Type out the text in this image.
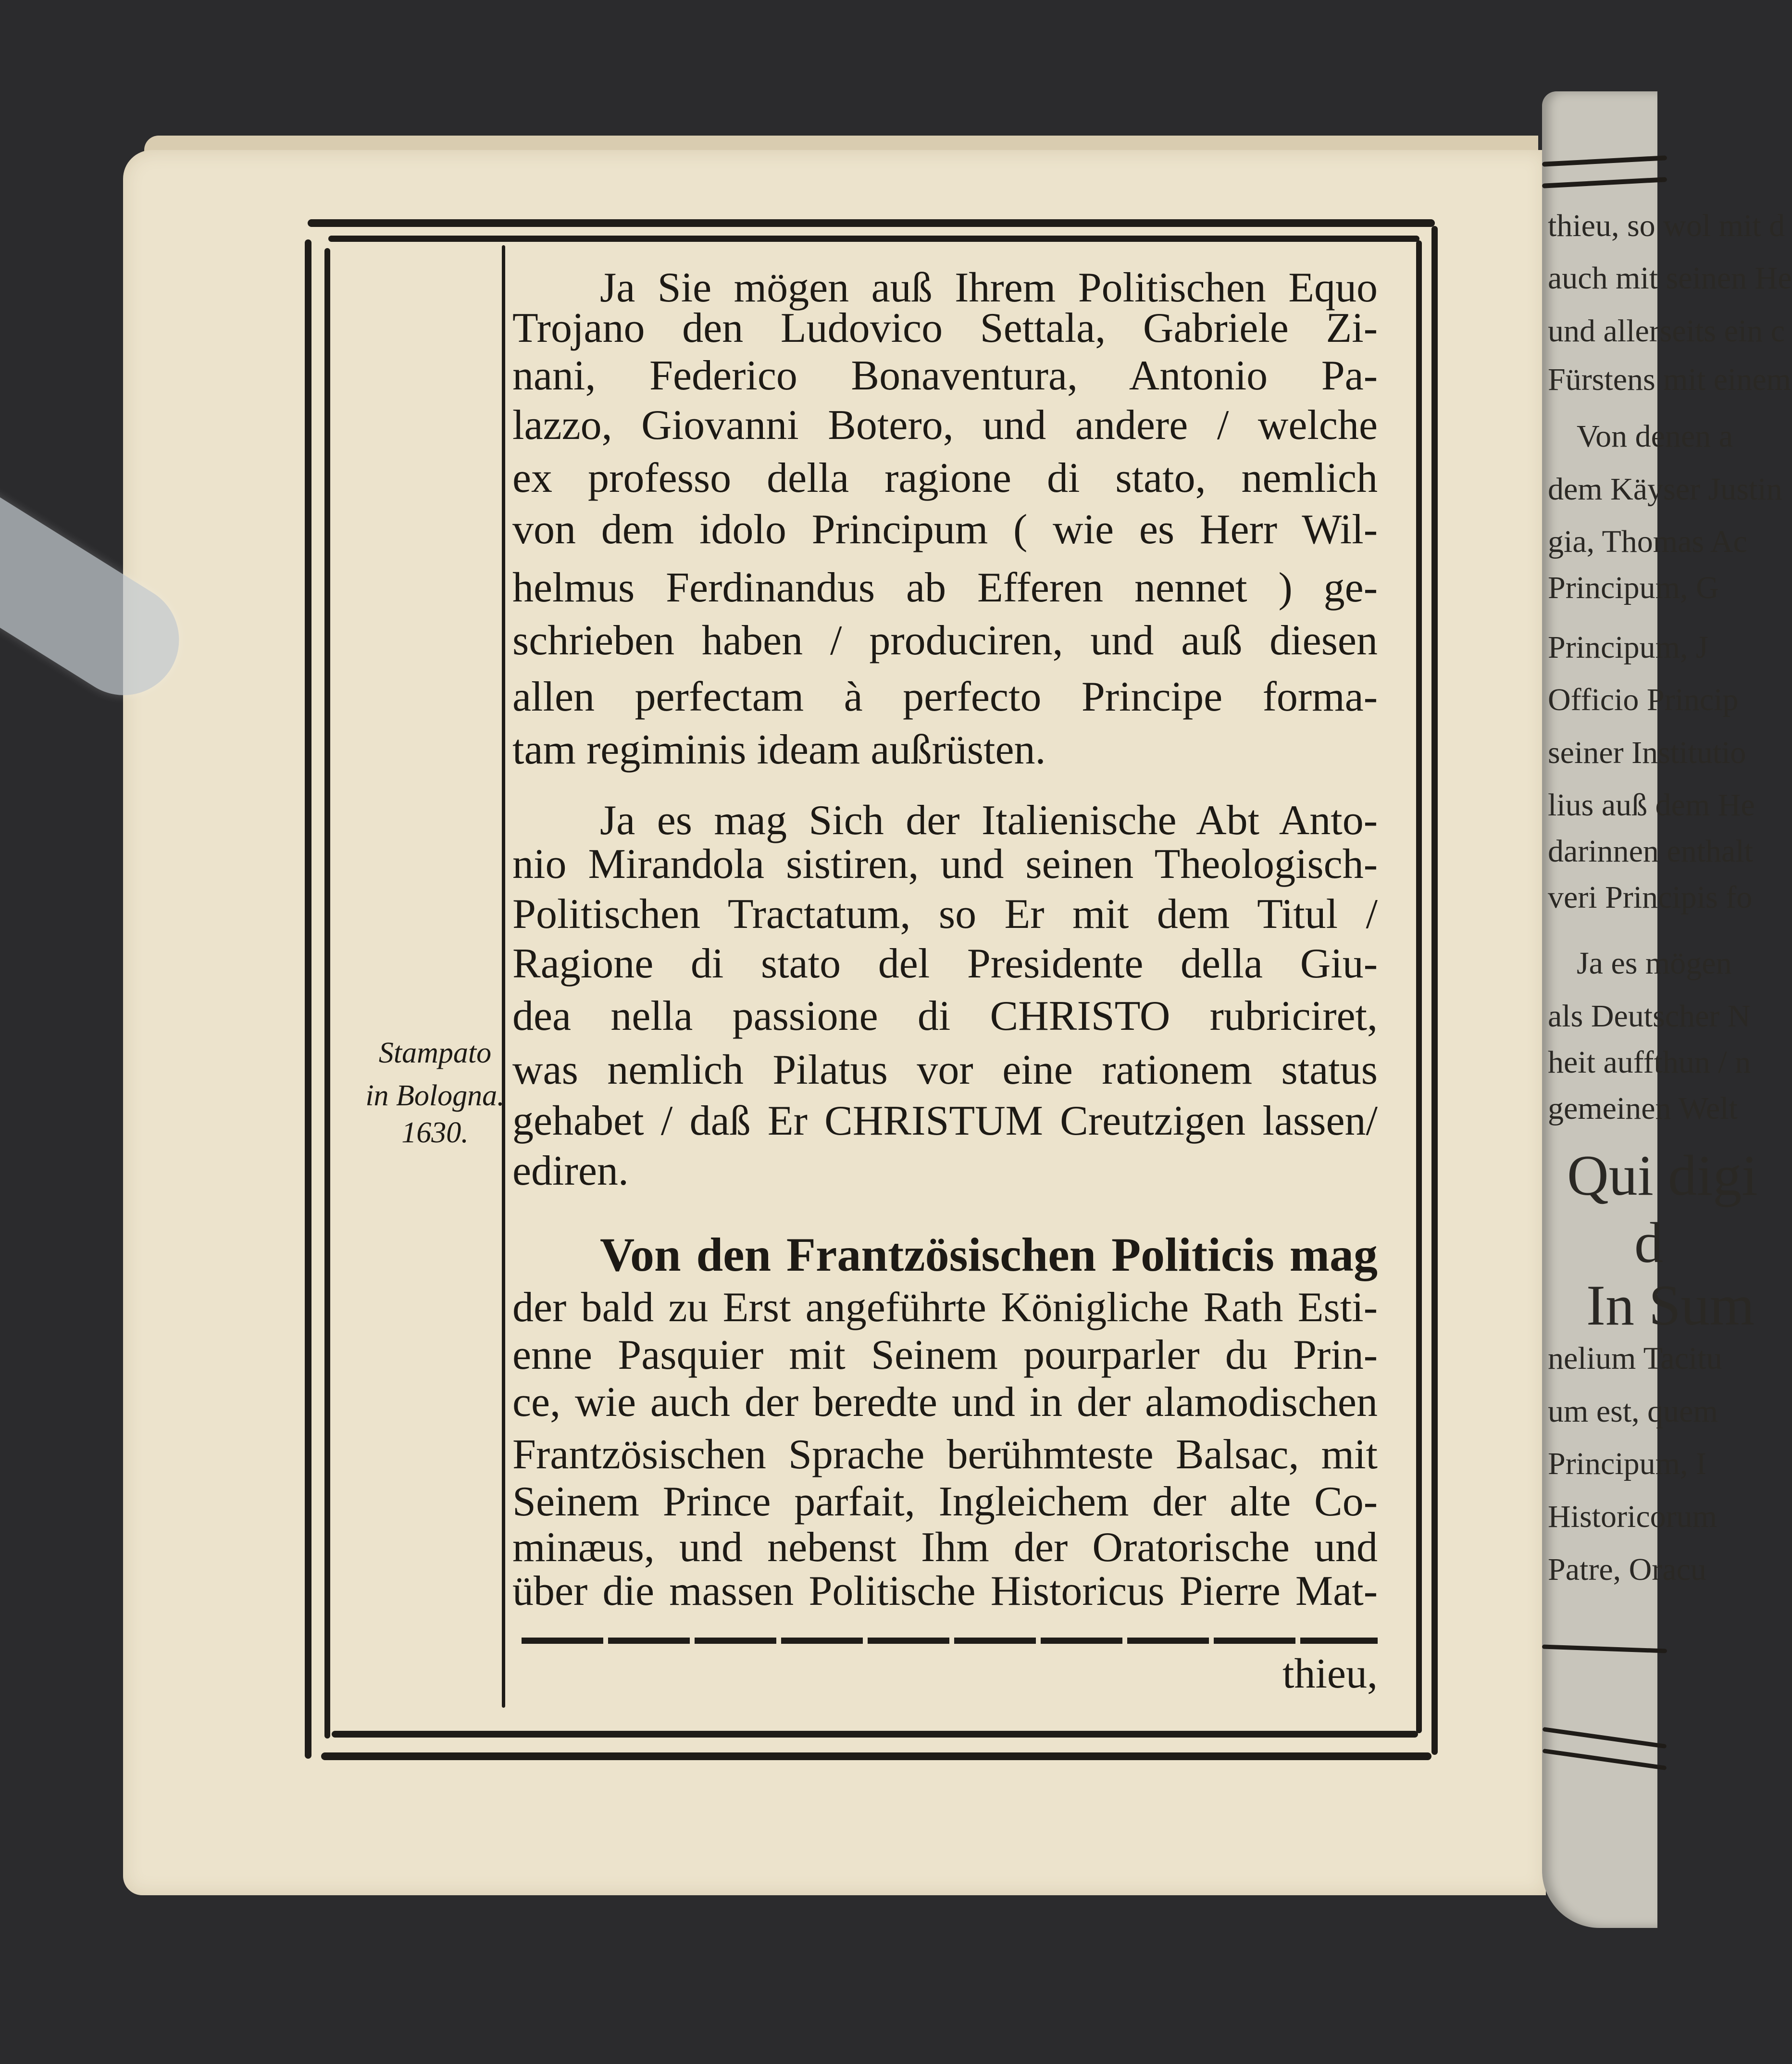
Ja Sie mögen auß Ihrem Politischen Equo
Trojano den Ludovico Settala, Gabriele Zi-
nani, Federico Bonaventura, Antonio Pa-
lazzo, Giovanni Botero, und andere / welche
ex professo della ragione di stato, nemlich
von dem idolo Principum ( wie es Herr Wil-
helmus Ferdinandus ab Efferen nennet ) ge-
schrieben haben / produciren, und auß diesen
allen perfectam à perfecto Principe forma-
tam regiminis ideam außrüsten.
Ja es mag Sich der Italienische Abt Anto-
nio Mirandola sistiren, und seinen Theologisch-
Politischen Tractatum, so Er mit dem Titul /
Ragione di stato del Presidente della Giu-
dea nella passione di CHRISTO rubriciret,
was nemlich Pilatus vor eine rationem status
gehabet / daß Er CHRISTUM Creutzigen lassen/
ediren.
Stampato
in Bologna.
1630.
Von den Frantzösischen Politicis mag
der bald zu Erst angeführte Königliche Rath Esti-
enne Pasquier mit Seinem pourparler du Prin-
ce, wie auch der beredte und in der alamodischen
Frantzösischen Sprache berühmteste Balsac, mit
Seinem Prince parfait, Ingleichem der alte Co-
minæus, und nebenst Ihm der Oratorische und
über die massen Politische Historicus Pierre Mat-
thieu,
thieu, so wol mit d
auch mit seinen He
und allerseits ein c
Fürstens mit einem
Von denen a
dem Käyser Justin
gia, Thomas Ac
Principum, G
Principum, J
Officio Princip
seiner Institutio
lius auß dem He
darinnen enthalt
veri Principis fo
Ja es mögen
als Deutscher N
heit auffthun / n
gemeinen Welt
Qui digi
d
In Sum
nelium Tacitu
um est, quem
Principum, I
Historicorum
Patre, Oracu
